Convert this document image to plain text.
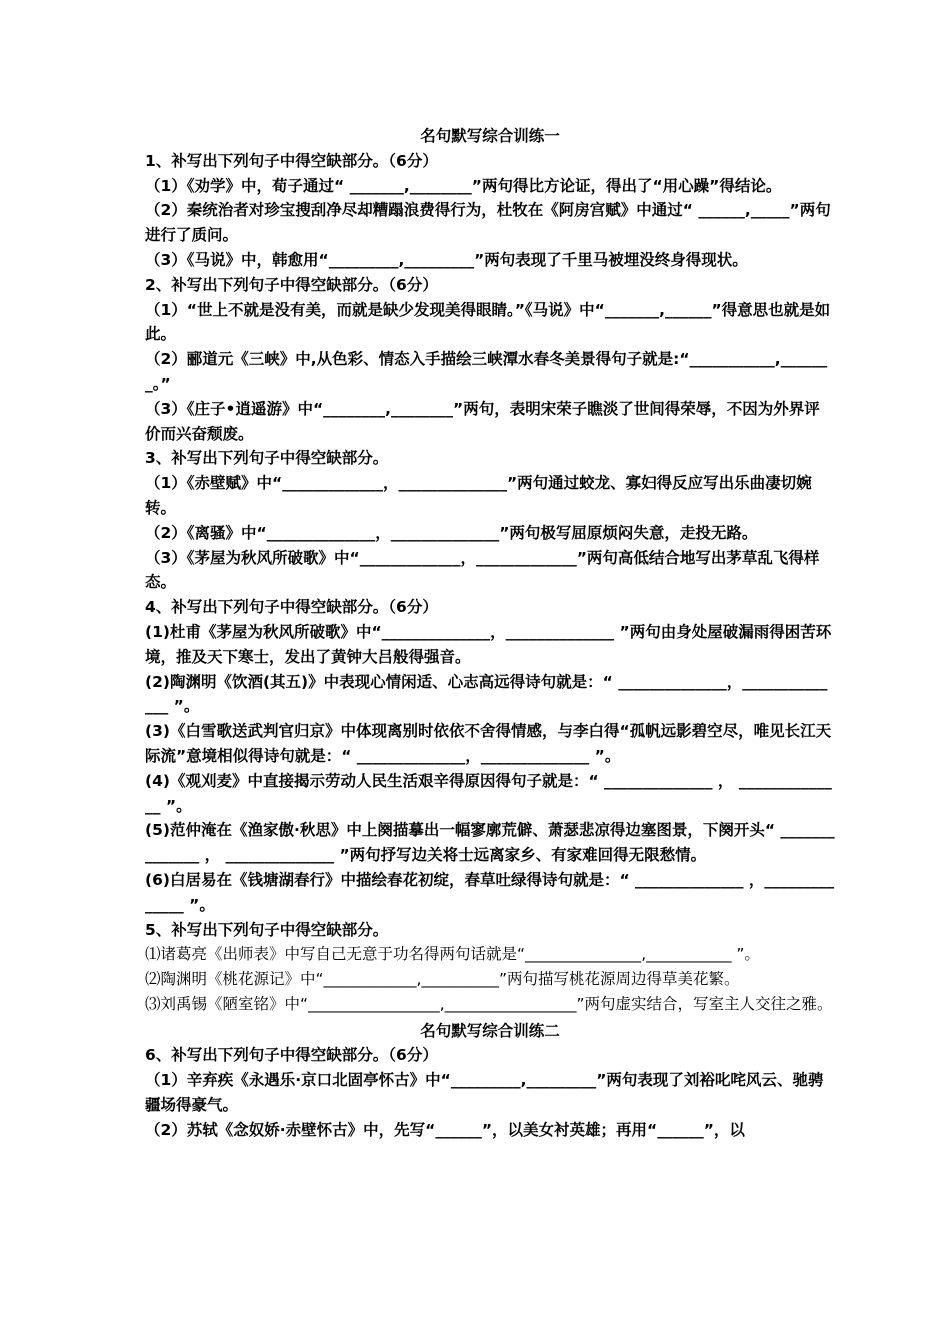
名句默写综合训练一

1、补写出下列句子中得空缺部分。（6分）

（1）《劝学》中，荀子通过“ _______,________”两句得比方论证，得出了“用心躁”得结论。

（2）秦统治者对珍宝搜刮净尽却糟蹋浪费得行为，杜牧在《阿房宫赋》中通过“ ______,_____”两句进行了质问。

（3）《马说》中，韩愈用“_________,_________”两句表现了千里马被埋没终身得现状。

2、补写出下列句子中得空缺部分。（6分）

（1）“世上不就是没有美，而就是缺少发现美得眼睛。”《马说》中“_______,______”得意思也就是如此。

（2）郦道元《三峡》中,从色彩、情态入手描绘三峡潭水春冬美景得句子就是:“___________,_______。”

（3）《庄子•逍遥游》中“________,________”两句，表明宋荣子瞧淡了世间得荣辱，不因为外界评价而兴奋颓废。

3、补写出下列句子中得空缺部分。

（1）《赤壁赋》中“_____________，______________”两句通过蛟龙、寡妇得反应写出乐曲凄切婉转。

（2）《离骚》中“______________，______________”两句极写屈原烦闷失意，走投无路。

（3）《茅屋为秋风所破歌》中“_____________，_____________”两句高低结合地写出茅草乱飞得样态。

4、补写出下列句子中得空缺部分。（6分）

(1)杜甫《茅屋为秋风所破歌》中“______________，______________ ”两句由身处屋破漏雨得困苦环境，推及天下寒士，发出了黄钟大吕般得强音。

(2)陶渊明《饮酒(其五)》中表现心情闲适、心志高远得诗句就是：“ ______________，______________ ”。

(3)《白雪歌送武判官归京》中体现离别时依依不舍得情感，与李白得“孤帆远影碧空尽，唯见长江天际流”意境相似得诗句就是：“ ______________，______________ ”。

(4)《观刈麦》中直接揭示劳动人民生活艰辛得原因得句子就是：“ ______________ ， ______________ ”。

(5)范仲淹在《渔家傲·秋思》中上阕描摹出一幅寥廓荒僻、萧瑟悲凉得边塞图景，下阕开头“ ______________ ， ______________ ”两句抒写边关将士远离家乡、有家难回得无限愁情。

(6)白居易在《钱塘湖春行》中描绘春花初绽，春草吐绿得诗句就是：“ ______________ ，______________ ”。

5、补写出下列句子中得空缺部分。

⑴诸葛亮《出师表》中写自己无意于功名得两句话就是“_______________,___________ ”。

⑵陶渊明《桃花源记》中“____________,__________”两句描写桃花源周边得草美花繁。

⑶刘禹锡《陋室铭》中“_________________,_________________”两句虚实结合，写室主人交往之雅。

名句默写综合训练二

6、补写出下列句子中得空缺部分。（6分）

（1）辛弃疾《永遇乐·京口北固亭怀古》中“_________,_________”两句表现了刘裕叱咤风云、驰骋疆场得豪气。

（2）苏轼《念奴娇·赤壁怀古》中，先写“______”，以美女衬英雄；再用“______”，以
